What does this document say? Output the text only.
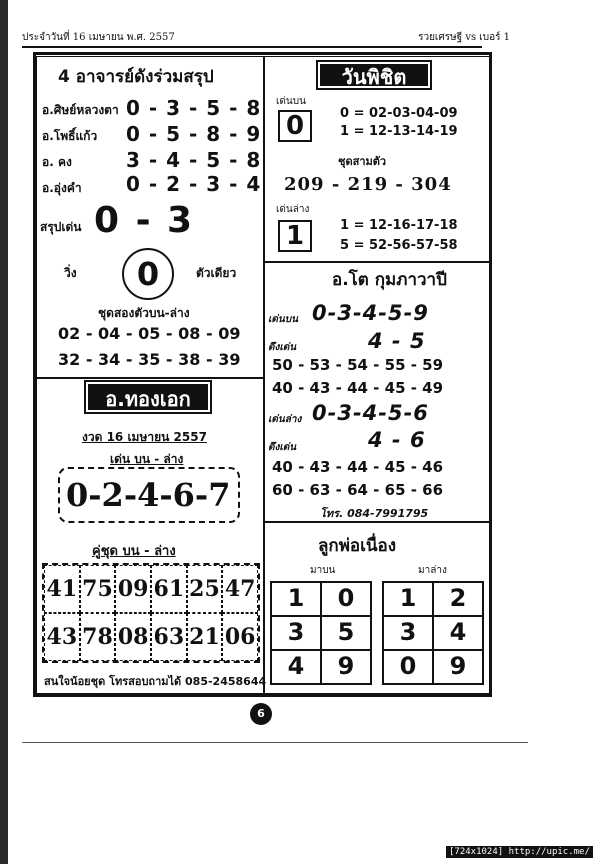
ประจำวันที่ 16 เมษายน พ.ศ. 2557	รวยเศรษฐี vs เบอร์ 1
4 อาจารย์ดังร่วมสรุป
อ.ศิษย์หลวงตา 0 - 3 - 5 - 8
อ.โพธิ์แก้ว 0 - 5 - 8 - 9
อ. คง	3 - 4 - 5 - 8
อ.อุ่งคำ 0 - 2 - 3 - 4
สรุปเด่น 0 - 3
วิ่ง	0	ตัวเดียว
ชุดสองตัวบน-ล่าง
02 - 04 - 05 - 08 - 09
32 - 34 - 35 - 38 - 39
วันพิชิต
เด่นบน
0	0 = 02-03-04-09
1 = 12-13-14-19
ชุดสามตัว
209 - 219 - 304
เด่นล่าง
1	1 = 12-16-17-18
5 = 52-56-57-58
อ.โต กุมภาวาปี
เด่นบน 0-3-4-5-9
ดึงเด่น	4 - 5
50 - 53 - 54 - 55 - 59
40 - 43 - 44 - 45 - 49
เด่นล่าง 0-3-4-5-6
ดึงเด่น	4 - 6
40 - 43 - 44 - 45 - 46
60 - 63 - 64 - 65 - 66
โทร. 084-7991795
อ.ทองเอก
งวด 16 เมษายน 2557
เด่น บน - ล่าง
0-2-4-6-7
คู่ชุด บน - ล่าง
41 75 09 61 25 47
43 78 08 63 21 06
สนใจน้อยชุด โทรสอบถามได้ 085-2458644
ลูกพ่อเนื่อง
มาบน	มาล่าง
1	0
3	5
4	9
1	2
3	4
0	9
6
[724x1024] http://upic.me/
